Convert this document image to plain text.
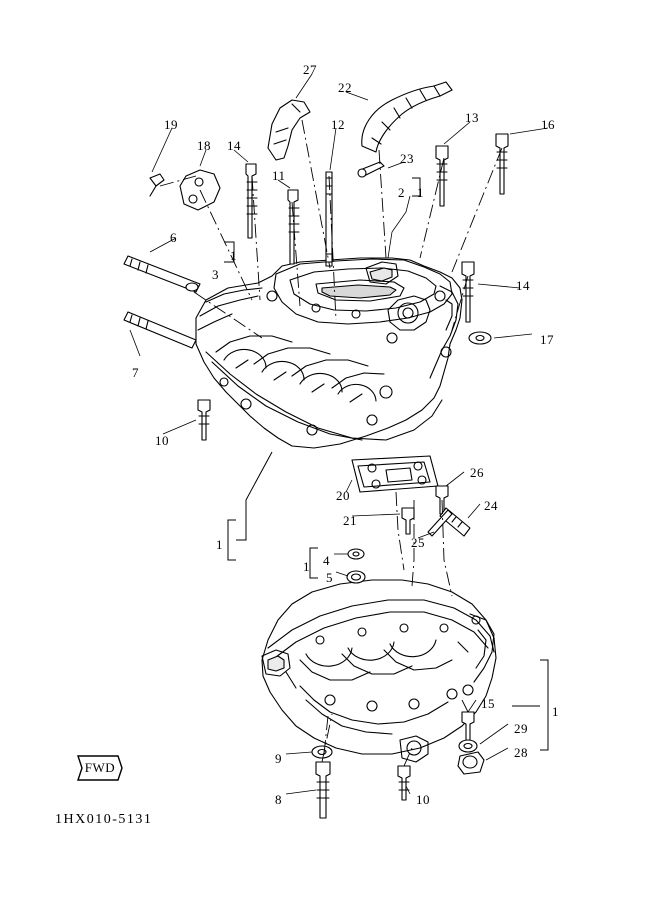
FWD
1HX010-5131
27
22
19	13	16
18 14
12
23
11
2 1
6
3
1
14
17
7
10
26
20
24
21
25
1
4
1
5
15
1
29
28
9
8	10
